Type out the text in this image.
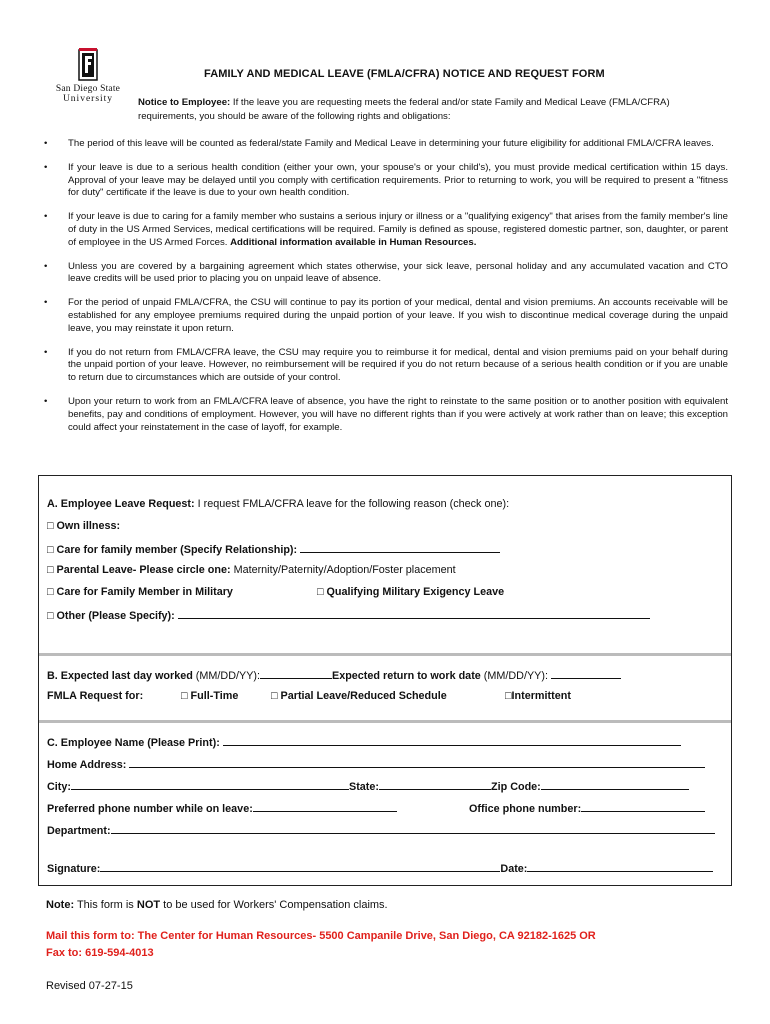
San Diego State
University
FAMILY AND MEDICAL LEAVE (FMLA/CFRA) NOTICE AND REQUEST FORM
Notice to Employee: If the leave you are requesting meets the federal and/or state Family and Medical Leave (FMLA/CFRA) requirements, you should be aware of the following rights and obligations:
• The period of this leave will be counted as federal/state Family and Medical Leave in determining your future eligibility for additional FMLA/CFRA leaves.
• If your leave is due to a serious health condition (either your own, your spouse's or your child's), you must provide medical certification within 15 days. Approval of your leave may be delayed until you comply with certification requirements. Prior to returning to work, you will be required to present a "fitness for duty" certificate if the leave is due to your own health condition.
• If your leave is due to caring for a family member who sustains a serious injury or illness or a "qualifying exigency" that arises from the family member's line of duty in the US Armed Services, medical certifications will be required. Family is defined as spouse, registered domestic partner, son, daughter, or parent of employee in the US Armed Forces. Additional information available in Human Resources.
• Unless you are covered by a bargaining agreement which states otherwise, your sick leave, personal holiday and any accumulated vacation and CTO leave credits will be used prior to placing you on unpaid leave of absence.
• For the period of unpaid FMLA/CFRA, the CSU will continue to pay its portion of your medical, dental and vision premiums. An accounts receivable will be established for any employee premiums required during the unpaid portion of your leave. If you wish to discontinue medical coverage during the unpaid leave, you may reinstate it upon return.
• If you do not return from FMLA/CFRA leave, the CSU may require you to reimburse it for medical, dental and vision premiums paid on your behalf during the unpaid portion of your leave. However, no reimbursement will be required if you do not return because of a serious health condition or if you are unable to return due to circumstances which are outside of your control.
• Upon your return to work from an FMLA/CFRA leave of absence, you have the right to reinstate to the same position or to another position with equivalent benefits, pay and conditions of employment. However, you will have no different rights than if you were actively at work rather than on leave; this exception could affect your reinstatement in the case of layoff, for example.
A. Employee Leave Request: I request FMLA/CFRA leave for the following reason (check one):
□ Own illness:
□ Care for family member (Specify Relationship):
□ Parental Leave- Please circle one: Maternity/Paternity/Adoption/Foster placement
□ Care for Family Member in Military	□ Qualifying Military Exigency Leave
□ Other (Please Specify):
B. Expected last day worked (MM/DD/YY):	Expected return to work date (MM/DD/YY):
FMLA Request for:	□ Full-Time	□ Partial Leave/Reduced Schedule	□Intermittent
C. Employee Name (Please Print):
Home Address:
City:	State:	Zip Code:
Preferred phone number while on leave:	Office phone number:
Department:
Signature:	Date:
Note: This form is NOT to be used for Workers' Compensation claims.
Mail this form to: The Center for Human Resources- 5500 Campanile Drive, San Diego, CA 92182-1625 OR
Fax to: 619-594-4013
Revised 07-27-15
